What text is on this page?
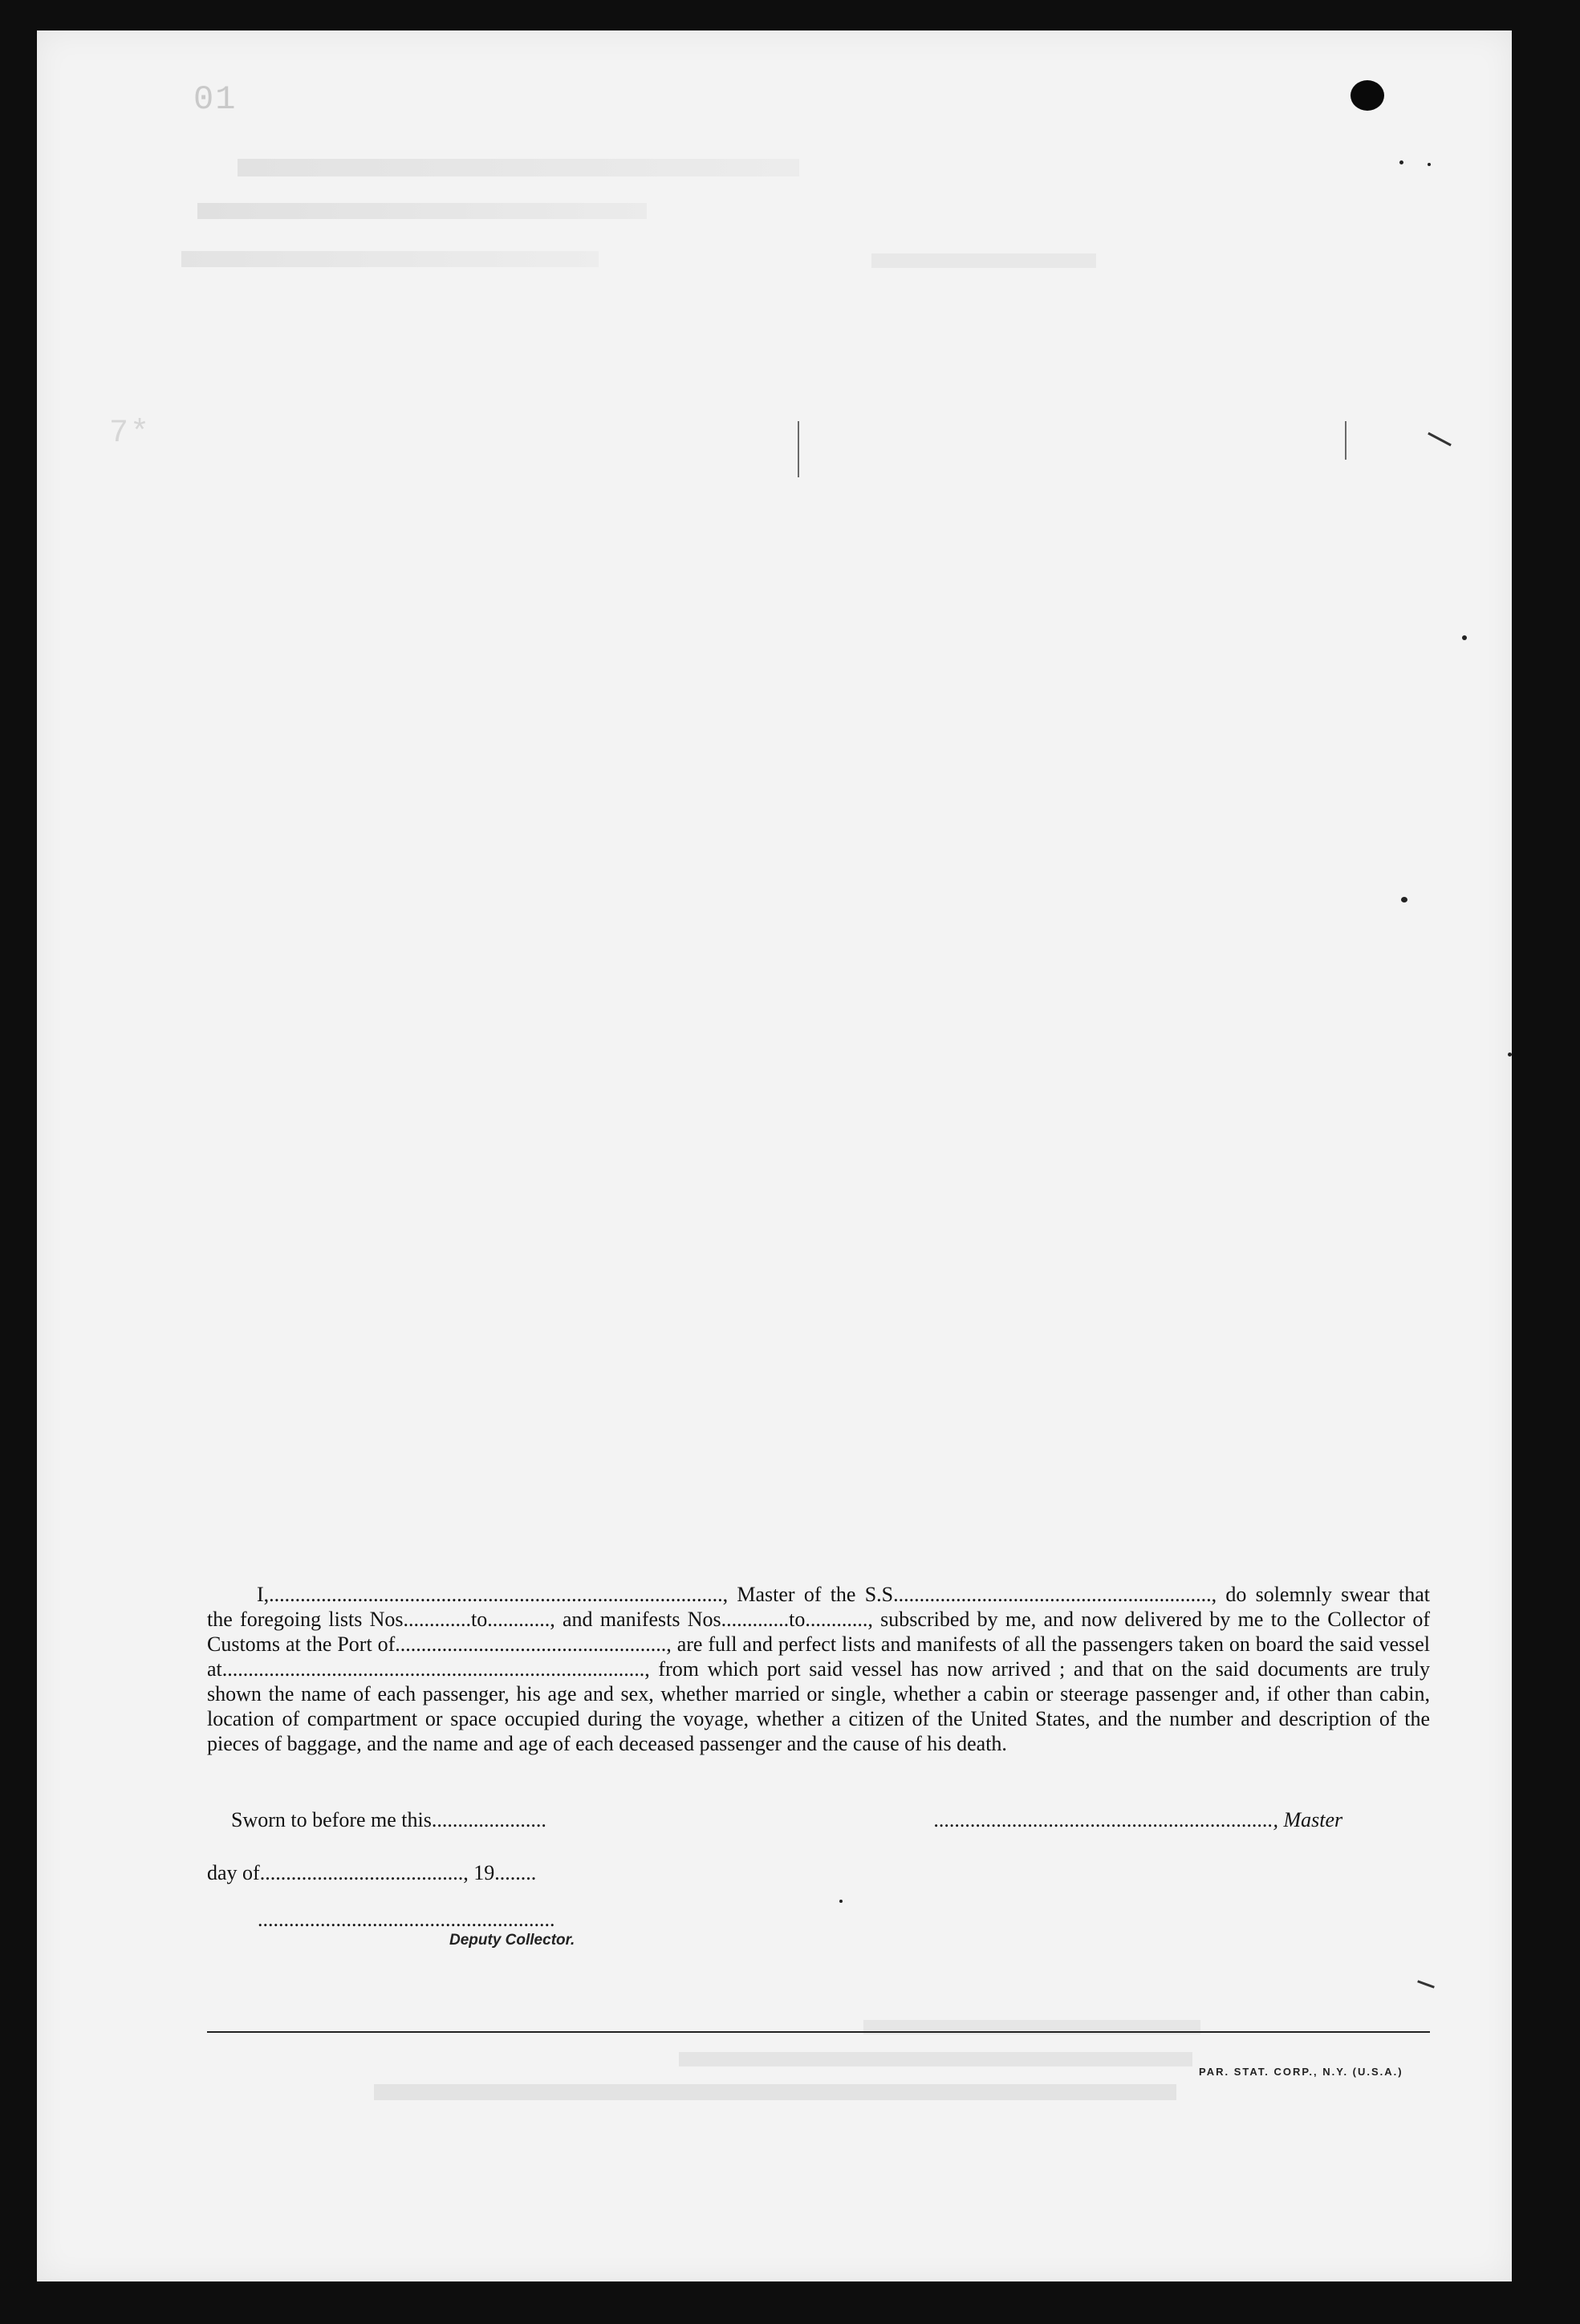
01
7*

I,......................................................................................., Master of the S.S............................................................., do solemnly swear that the foregoing lists Nos.............to............, and manifests Nos.............to............, subscribed by me, and now delivered by me to the Collector of Customs at the Port of...................................................., are full and perfect lists and manifests of all the passengers taken on board the said vessel at................................................................................., from which port said vessel has now arrived ; and that on the said documents are truly shown the name of each passenger, his age and sex, whether married or single, whether a cabin or steerage passenger and, if other than cabin, location of compartment or space occupied during the voyage, whether a citizen of the United States, and the number and description of the pieces of baggage, and the name and age of each deceased passenger and the cause of his death.

Sworn to before me this......................	................................................................., Master
day of......................................., 19........
.........................................................
Deputy Collector.
PAR. STAT. CORP., N.Y. (U.S.A.)
